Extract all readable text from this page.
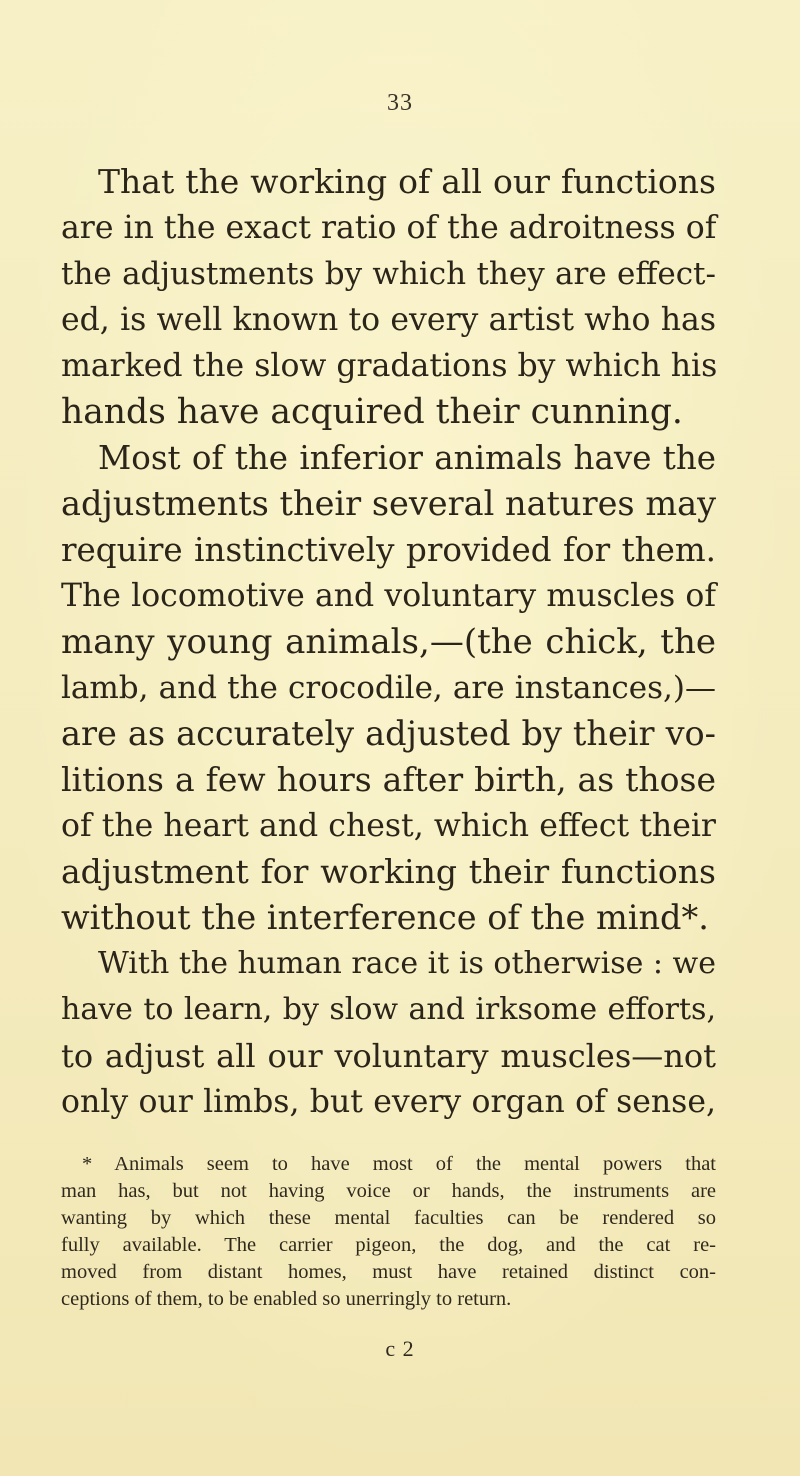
33
That the working of all our functions
are in the exact ratio of the adroitness of
the adjustments by which they are effect-
ed, is well known to every artist who has
marked the slow gradations by which his
hands have acquired their cunning.
Most of the inferior animals have the
adjustments their several natures may
require instinctively provided for them.
The locomotive and voluntary muscles of
many young animals,—(the chick, the
lamb, and the crocodile, are instances,)—
are as accurately adjusted by their vo-
litions a few hours after birth, as those
of the heart and chest, which effect their
adjustment for working their functions
without the interference of the mind*.
With the human race it is otherwise : we
have to learn, by slow and irksome efforts,
to adjust all our voluntary muscles—not
only our limbs, but every organ of sense,
* Animals seem to have most of the mental powers that
man has, but not having voice or hands, the instruments are
wanting by which these mental faculties can be rendered so
fully available. The carrier pigeon, the dog, and the cat re-
moved from distant homes, must have retained distinct con-
ceptions of them, to be enabled so unerringly to return.
c 2
